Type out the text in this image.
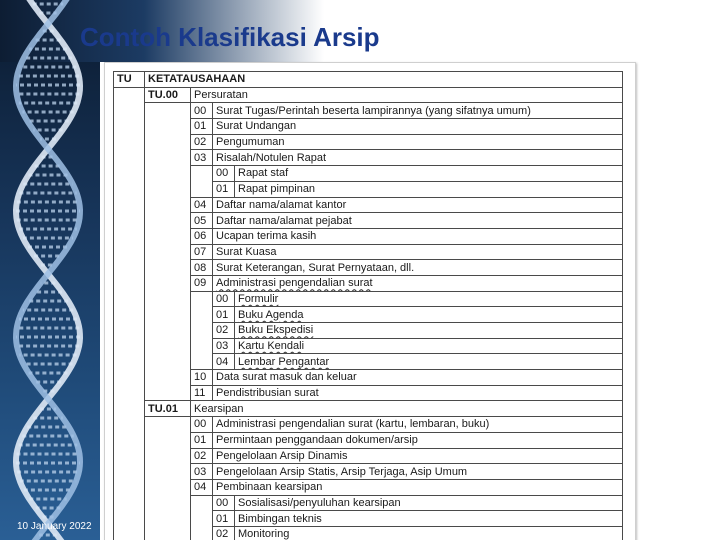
Contoh Klasifikasi Arsip
TU	KETATAUSAHAAN			
	TU.00	Persuratan		
		00	Surat Tugas/Perintah beserta lampirannya (yang sifatnya umum)	
		01	Surat Undangan	
		02	Pengumuman	
		03	Risalah/Notulen Rapat	
			00	Rapat staf
			01	Rapat pimpinan
		04	Daftar nama/alamat kantor	
		05	Daftar nama/alamat pejabat	
		06	Ucapan terima kasih	
		07	Surat Kuasa	
		08	Surat Keterangan, Surat Pernyataan, dll.	
		09	Administrasi pengendalian surat	
			00	Formulir
			01	Buku Agenda
			02	Buku Ekspedisi
			03	Kartu Kendali
			04	Lembar Pengantar
		10	Data surat masuk dan keluar	
		11	Pendistribusian surat	
	TU.01	Kearsipan		
		00	Administrasi pengendalian surat (kartu, lembaran, buku)	
		01	Permintaan penggandaan dokumen/arsip	
		02	Pengelolaan Arsip Dinamis	
		03	Pengelolaan Arsip Statis, Arsip Terjaga, Asip Umum	
		04	Pembinaan kearsipan	
			00	Sosialisasi/penyuluhan kearsipan
			01	Bimbingan teknis
			02	Monitoring
10 January 2022
